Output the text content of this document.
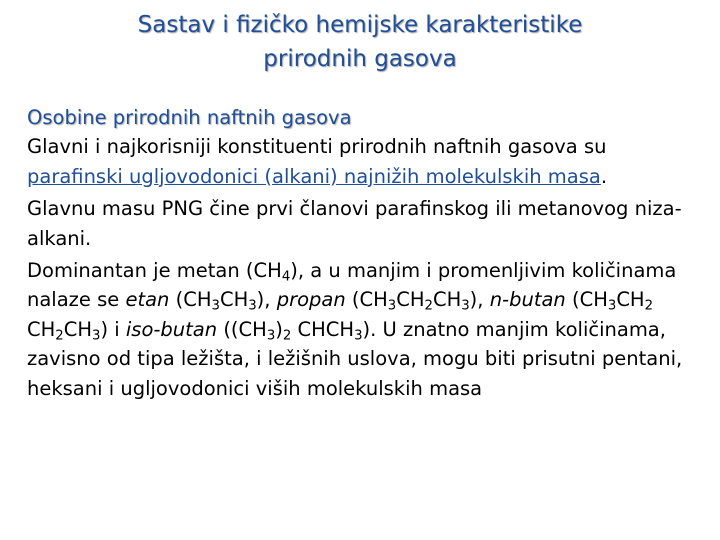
Sastav i fizičko hemijske karakteristike
prirodnih gasova
Osobine prirodnih naftnih gasova

Glavni i najkorisniji konstituenti prirodnih naftnih gasova su parafinski ugljovodonici (alkani) najnižih molekulskih masa.

Glavnu masu PNG čine prvi članovi parafinskog ili metanovog niza- alkani.

Dominantan je metan $(CH_4)$, a u manjim i promenljivim količinama nalaze se etan $(CH_3CH_3)$, propan $(CH_3CH_2CH_3)$, n-butan ($CH_3CH_2$ $CH_2CH_3$) i iso-butan ($(CH_3)_2$ $CHCH_3$). U znatno manjim količinama, zavisno od tipa ležišta, i ležišnih uslova, mogu biti prisutni pentani, heksani i ugljovodonici viših molekulskih masa
